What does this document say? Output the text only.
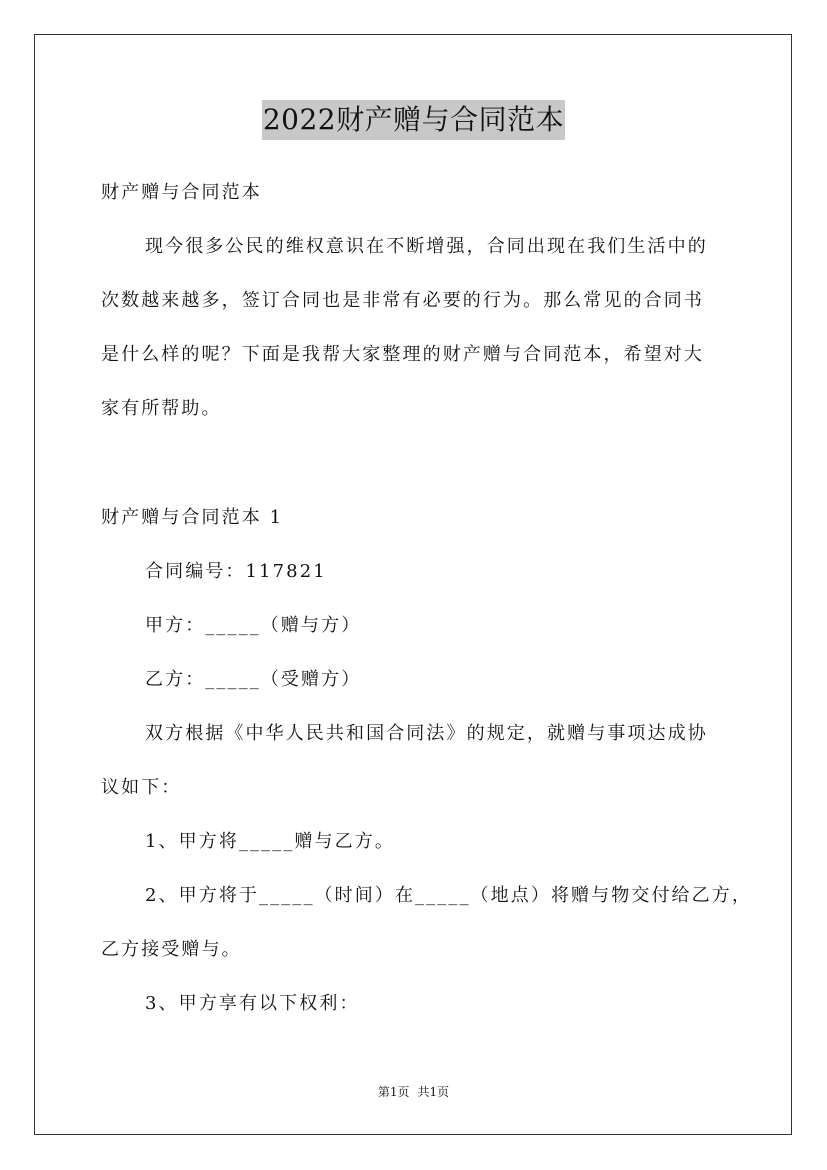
2022财产赠与合同范本
财产赠与合同范本
现今很多公民的维权意识在不断增强，合同出现在我们生活中的
次数越来越多，签订合同也是非常有必要的行为。那么常见的合同书
是什么样的呢？下面是我帮大家整理的财产赠与合同范本，希望对大
家有所帮助。
财产赠与合同范本 1
合同编号：117821
甲方：_____（赠与方）
乙方：_____（受赠方）
双方根据《中华人民共和国合同法》的规定，就赠与事项达成协
议如下：
1、甲方将_____赠与乙方。
2、甲方将于_____（时间）在_____（地点）将赠与物交付给乙方，
乙方接受赠与。
3、甲方享有以下权利：
第1页 共1页
